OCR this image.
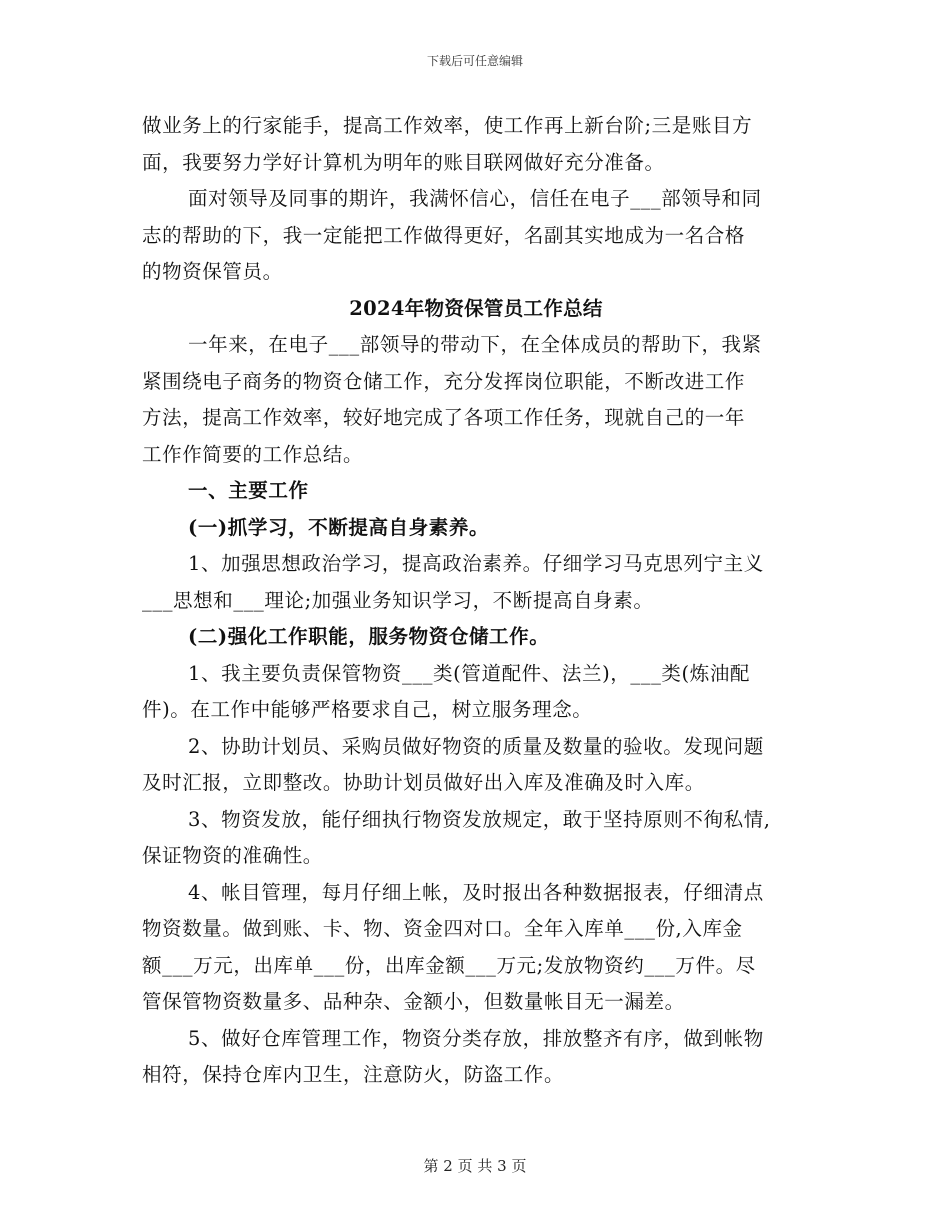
下载后可任意编辑
做业务上的行家能手，提高工作效率，使工作再上新台阶;三是账目方
面，我要努力学好计算机为明年的账目联网做好充分准备。
面对领导及同事的期许，我满怀信心，信任在电子___部领导和同
志的帮助的下，我一定能把工作做得更好，名副其实地成为一名合格
的物资保管员。
2024年物资保管员工作总结
一年来，在电子___部领导的带动下，在全体成员的帮助下，我紧
紧围绕电子商务的物资仓储工作，充分发挥岗位职能，不断改进工作
方法，提高工作效率，较好地完成了各项工作任务，现就自己的一年
工作作简要的工作总结。
一、主要工作
(一)抓学习，不断提高自身素养。
1、加强思想政治学习，提高政治素养。仔细学习马克思列宁主义
___思想和___理论;加强业务知识学习，不断提高自身素。
(二)强化工作职能，服务物资仓储工作。
1、我主要负责保管物资___类(管道配件、法兰)，___类(炼油配
件)。在工作中能够严格要求自己，树立服务理念。
2、协助计划员、采购员做好物资的质量及数量的验收。发现问题
及时汇报，立即整改。协助计划员做好出入库及准确及时入库。
3、物资发放，能仔细执行物资发放规定，敢于坚持原则不徇私情,
保证物资的准确性。
4、帐目管理，每月仔细上帐，及时报出各种数据报表，仔细清点
物资数量。做到账、卡、物、资金四对口。全年入库单___份,入库金
额___万元，出库单___份，出库金额___万元;发放物资约___万件。尽
管保管物资数量多、品种杂、金额小，但数量帐目无一漏差。
5、做好仓库管理工作，物资分类存放，排放整齐有序，做到帐物
相符，保持仓库内卫生，注意防火，防盗工作。
第 2 页 共 3 页
